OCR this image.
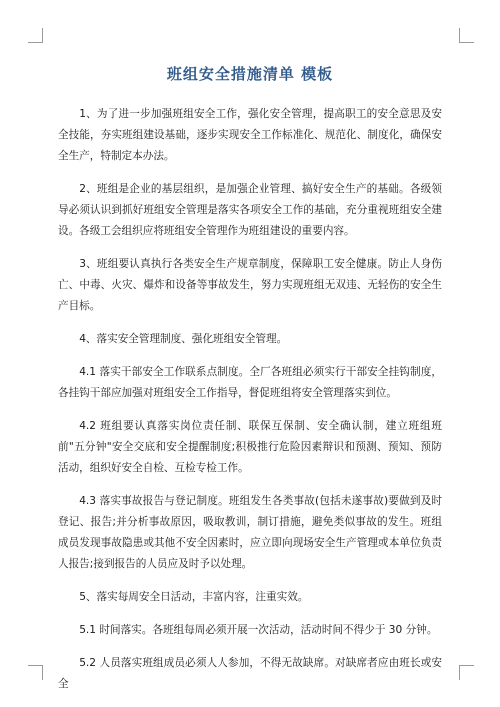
班组安全措施清单 模板

1、为了进一步加强班组安全工作，强化安全管理，提高职工的安全意思及安全技能，夯实班组建设基础，逐步实现安全工作标准化、规范化、制度化，确保安全生产，特制定本办法。

2、班组是企业的基层组织，是加强企业管理、搞好安全生产的基础。各级领导必须认识到抓好班组安全管理是落实各项安全工作的基础，充分重视班组安全建设。各级工会组织应将班组安全管理作为班组建设的重要内容。

3、班组要认真执行各类安全生产规章制度，保障职工安全健康。防止人身伤亡、中毒、火灾、爆炸和设备等事故发生，努力实现班组无双违、无轻伤的安全生产目标。

4、落实安全管理制度、强化班组安全管理。

4.1 落实干部安全工作联系点制度。全厂各班组必须实行干部安全挂钩制度，各挂钩干部应加强对班组安全工作指导，督促班组将安全管理落实到位。

4.2 班组要认真落实岗位责任制、联保互保制、安全确认制，建立班组班前"五分钟"安全交底和安全提醒制度;积极推行危险因素辩识和预测、预知、预防活动，组织好安全自检、互检专检工作。

4.3 落实事故报告与登记制度。班组发生各类事故(包括未遂事故)要做到及时登记、报告;并分析事故原因，吸取教训，制订措施，避免类似事故的发生。班组成员发现事故隐患或其他不安全因素时，应立即向现场安全生产管理或本单位负责人报告;接到报告的人员应及时予以处理。

5、落实每周安全日活动，丰富内容，注重实效。

5.1 时间落实。各班组每周必须开展一次活动，活动时间不得少于 30 分钟。

5.2 人员落实班组成员必须人人参加，不得无故缺席。对缺席者应由班长或安全
